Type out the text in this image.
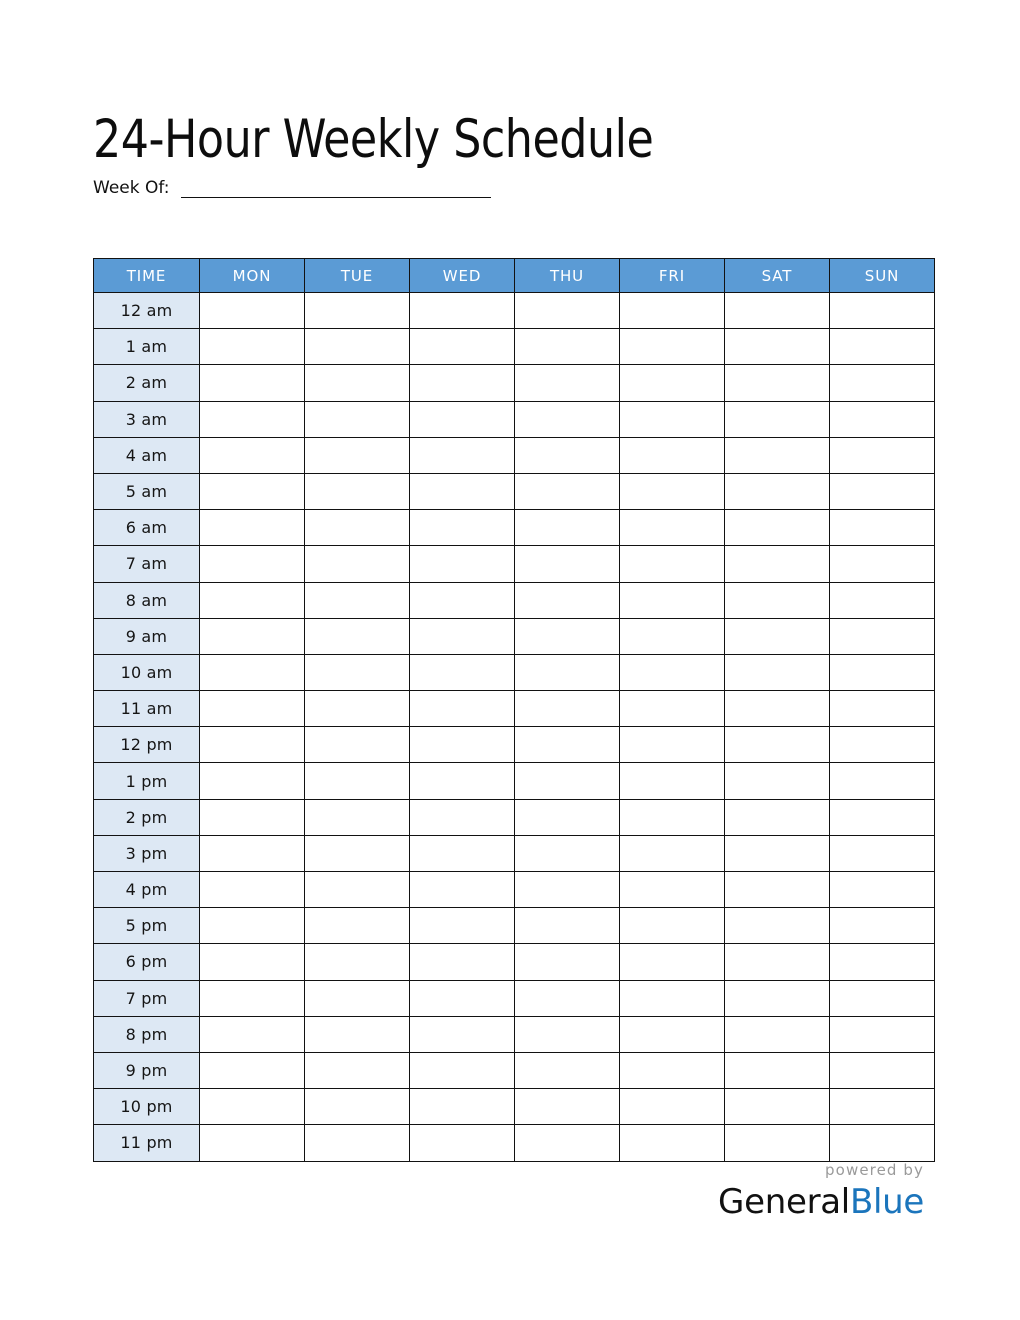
24-Hour Weekly Schedule
Week Of:
TIME	MON	TUE	WED	THU	FRI	SAT	SUN
12 am							
1 am							
2 am							
3 am							
4 am							
5 am							
6 am							
7 am							
8 am							
9 am							
10 am							
11 am							
12 pm							
1 pm							
2 pm							
3 pm							
4 pm							
5 pm							
6 pm							
7 pm							
8 pm							
9 pm							
10 pm							
11 pm							
powered by
GeneralBlue
